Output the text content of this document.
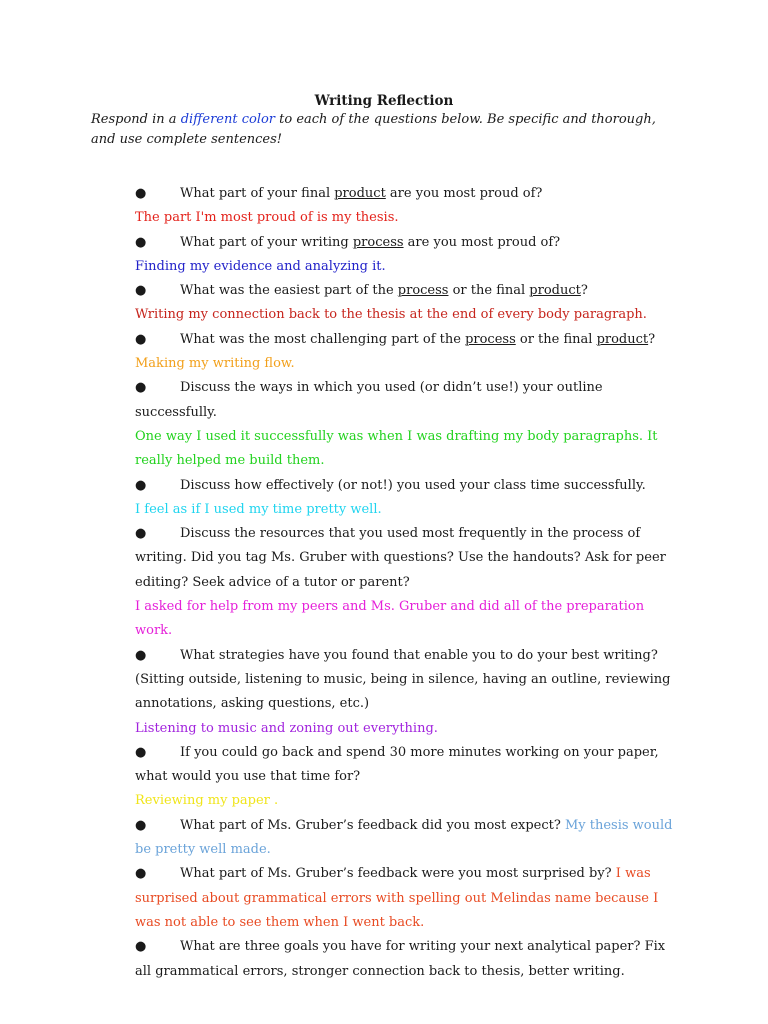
Writing Reflection
Respond in a different color to each of the questions below. Be specific and thorough, and use complete sentences!

●	What part of your final product are you most proud of?

The part I'm most proud of is my thesis.

●	What part of your writing process are you most proud of?

Finding my evidence and analyzing it.

●	What was the easiest part of the process or the final product?

Writing my connection back to the thesis at the end of every body paragraph.

●	What was the most challenging part of the process or the final product?

Making my writing flow.

●	Discuss the ways in which you used (or didn’t use!) your outline successfully.

One way I used it successfully was when I was drafting my body paragraphs. It really helped me build them.

●	Discuss how effectively (or not!) you used your class time successfully.

I feel as if I used my time pretty well.

●	Discuss the resources that you used most frequently in the process of writing. Did you tag Ms. Gruber with questions? Use the handouts? Ask for peer editing? Seek advice of a tutor or parent?

I asked for help from my peers and Ms. Gruber and did all of the preparation work.

●	What strategies have you found that enable you to do your best writing? (Sitting outside, listening to music, being in silence, having an outline, reviewing annotations, asking questions, etc.)

Listening to music and zoning out everything.

●	If you could go back and spend 30 more minutes working on your paper, what would you use that time for?

Reviewing my paper .

●	What part of Ms. Gruber’s feedback did you most expect? My thesis would be pretty well made.

●	What part of Ms. Gruber’s feedback were you most surprised by? I was surprised about grammatical errors with spelling out Melindas name because I was not able to see them when I went back.

●	What are three goals you have for writing your next analytical paper? Fix all grammatical errors, stronger connection back to thesis, better writing.
